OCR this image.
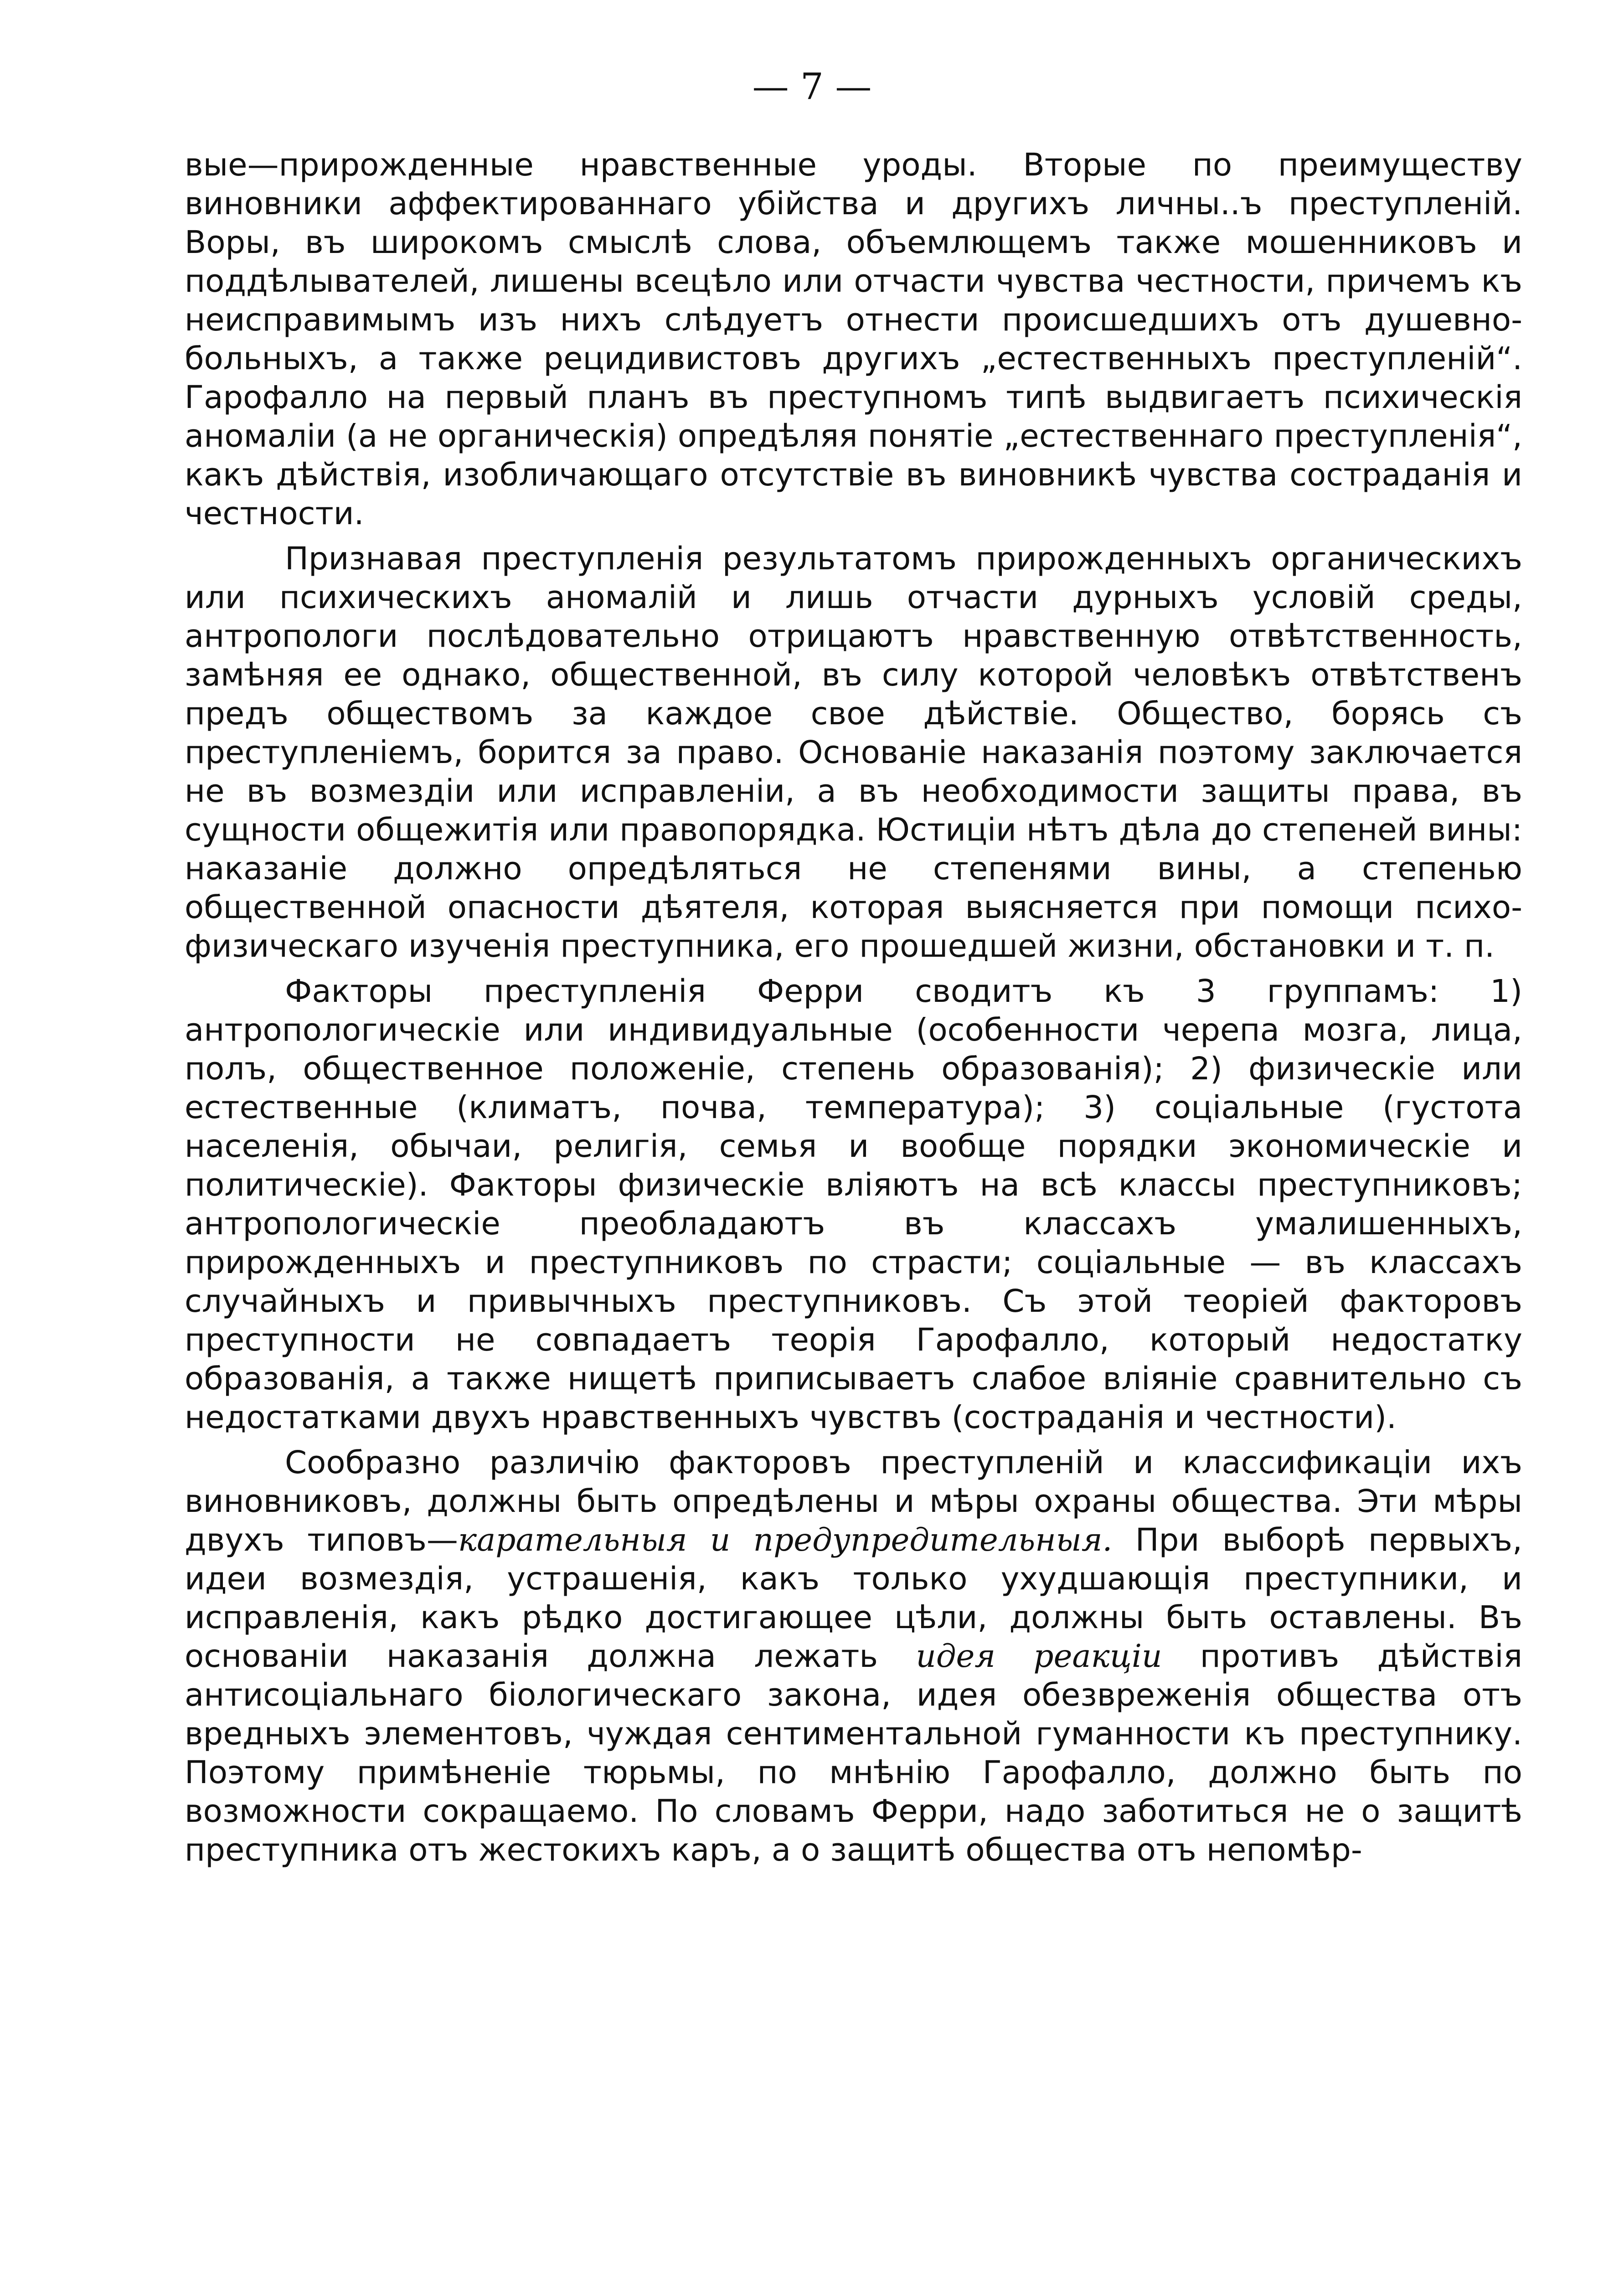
— 7 —

вые—прирожденные нравственные уроды. Вторые по преимуществу виновники аффектированнаго убійства и другихъ личны..ъ преступленій. Воры, въ широкомъ смыслѣ слова, объемлющемъ также мошенниковъ и поддѣлывателей, лишены всецѣло или отчасти чувства честности, причемъ къ неисправимымъ изъ нихъ слѣдуетъ отнести происшедшихъ отъ душевно-больныхъ, а также рецидивистовъ другихъ „естественныхъ преступленій“. Гарофалло на первый планъ въ преступномъ типѣ выдвигаетъ психическія аномаліи (а не органическія) опредѣляя понятіе „естественнаго преступленія“, какъ дѣйствія, изобличающаго отсутствіе въ виновникѣ чувства состраданія и честности.

Признавая преступленія результатомъ прирожденныхъ органическихъ или психическихъ аномалій и лишь отчасти дурныхъ условій среды, антропологи послѣдовательно отрицаютъ нравственную отвѣтственность, замѣняя ее однако, общественной, въ силу которой человѣкъ отвѣтственъ предъ обществомъ за каждое свое дѣйствіе. Общество, борясь съ преступленіемъ, борится за право. Основаніе наказанія поэтому заключается не въ возмездіи или исправленіи, а въ необходимости защиты права, въ сущности общежитія или правопорядка. Юстиціи нѣтъ дѣла до степеней вины: наказаніе должно опредѣляться не степенями вины, а степенью общественной опасности дѣятеля, которая выясняется при помощи психо-физическаго изученія преступника, его прошедшей жизни, обстановки и т. п.

Факторы преступленія Ферри сводитъ къ 3 группамъ: 1) антропологическіе или индивидуальные (особенности черепа мозга, лица, полъ, общественное положеніе, степень образованія); 2) физическіе или естественные (климатъ, почва, температура); 3) соціальные (густота населенія, обычаи, религія, семья и вообще порядки экономическіе и политическіе). Факторы физическіе вліяютъ на всѣ классы преступниковъ; антропологическіе преобладаютъ въ классахъ умалишенныхъ, прирожденныхъ и преступниковъ по страсти; соціальные — въ классахъ случайныхъ и привычныхъ преступниковъ. Съ этой теоріей факторовъ преступности не совпадаетъ теорія Гарофалло, который недостатку образованія, а также нищетѣ приписываетъ слабое вліяніе сравнительно съ недостатками двухъ нравственныхъ чувствъ (состраданія и честности).

Сообразно различію факторовъ преступленій и классификаціи ихъ виновниковъ, должны быть опредѣлены и мѣры охраны общества. Эти мѣры двухъ типовъ—карательныя и предупредительныя. При выборѣ первыхъ, идеи возмездія, устрашенія, какъ только ухудшающія преступники, и исправленія, какъ рѣдко достигающее цѣли, должны быть оставлены. Въ основаніи наказанія должна лежать идея реакціи противъ дѣйствія антисоціальнаго біологическаго закона, идея обезвреженія общества отъ вредныхъ элементовъ, чуждая сентиментальной гуманности къ преступнику. Поэтому примѣненіе тюрьмы, по мнѣнію Гарофалло, должно быть по возможности сокращаемо. По словамъ Ферри, надо заботиться не о защитѣ преступника отъ жестокихъ каръ, а о защитѣ общества отъ непомѣр-
